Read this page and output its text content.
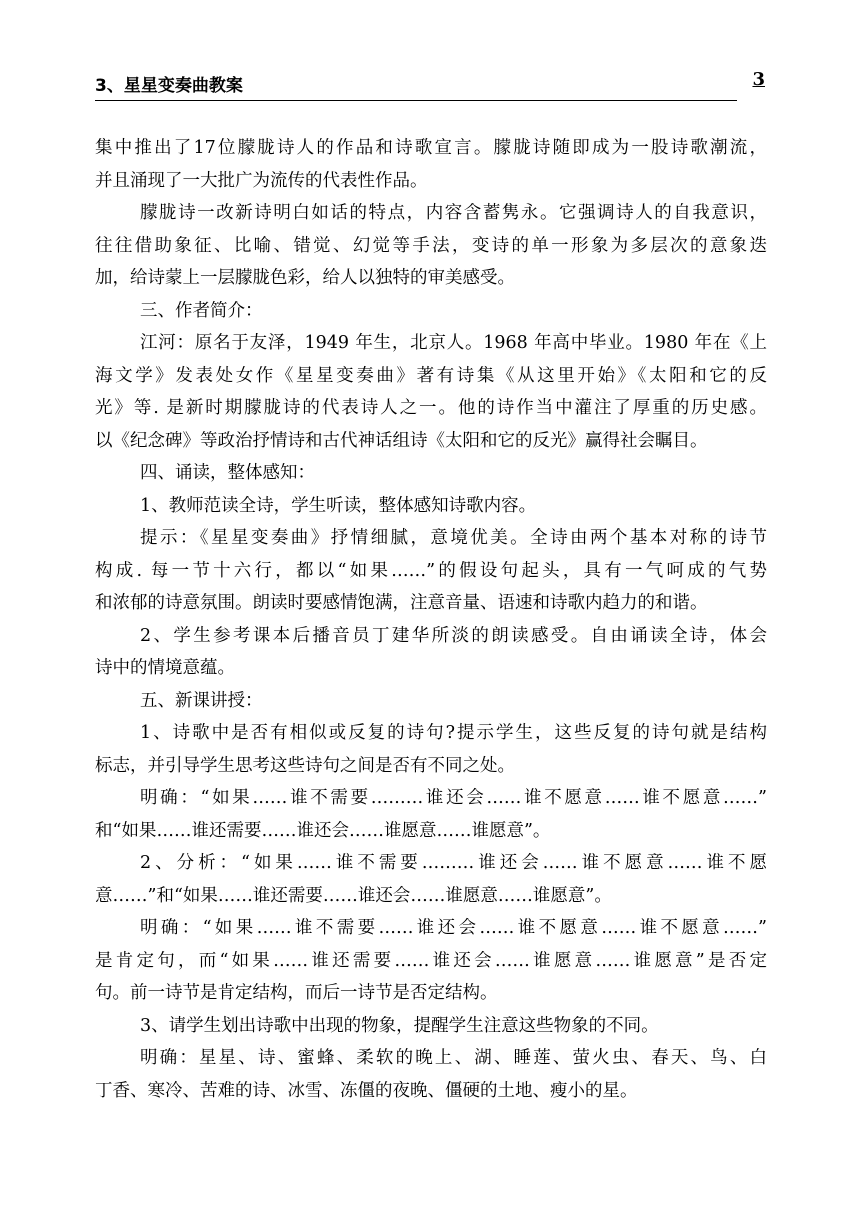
3、星星变奏曲教案	3
集中推出了17位朦胧诗人的作品和诗歌宣言。朦胧诗随即成为一股诗歌潮流，
并且涌现了一大批广为流传的代表性作品。
朦胧诗一改新诗明白如话的特点，内容含蓄隽永。它强调诗人的自我意识，
往往借助象征、比喻、错觉、幻觉等手法，变诗的单一形象为多层次的意象迭
加，给诗蒙上一层朦胧色彩，给人以独特的审美感受。
三、作者简介：
江河：原名于友泽，1949 年生，北京人。1968 年高中毕业。1980 年在《上
海文学》发表处女作《星星变奏曲》著有诗集《从这里开始》《太阳和它的反
光》等. 是新时期朦胧诗的代表诗人之一。他的诗作当中灌注了厚重的历史感。
以《纪念碑》等政治抒情诗和古代神话组诗《太阳和它的反光》赢得社会瞩目。
四、诵读，整体感知：
1、教师范读全诗，学生听读，整体感知诗歌内容。
提示：《星星变奏曲》抒情细腻，意境优美。全诗由两个基本对称的诗节
构成. 每一节十六行，都以“如果……”的假设句起头，具有一气呵成的气势
和浓郁的诗意氛围。朗读时要感情饱满，注意音量、语速和诗歌内趋力的和谐。
2、学生参考课本后播音员丁建华所淡的朗读感受。自由诵读全诗，体会
诗中的情境意蕴。
五、新课讲授：
1、诗歌中是否有相似或反复的诗句?提示学生，这些反复的诗句就是结构
标志，并引导学生思考这些诗句之间是否有不同之处。
明确：“如果……谁不需要………谁还会……谁不愿意……谁不愿意……”
和“如果……谁还需要……谁还会……谁愿意……谁愿意”。
2、分析：“如果……谁不需要………谁还会……谁不愿意……谁不愿
意……”和“如果……谁还需要……谁还会……谁愿意……谁愿意”。
明确：“如果……谁不需要……谁还会……谁不愿意……谁不愿意……”
是肯定句，而“如果……谁还需要……谁还会……谁愿意……谁愿意”是否定
句。前一诗节是肯定结构，而后一诗节是否定结构。
3、请学生划出诗歌中出现的物象，提醒学生注意这些物象的不同。
明确：星星、诗、蜜蜂、柔软的晚上、湖、睡莲、萤火虫、春天、鸟、白
丁香、寒冷、苦难的诗、冰雪、冻僵的夜晚、僵硬的土地、瘦小的星。
